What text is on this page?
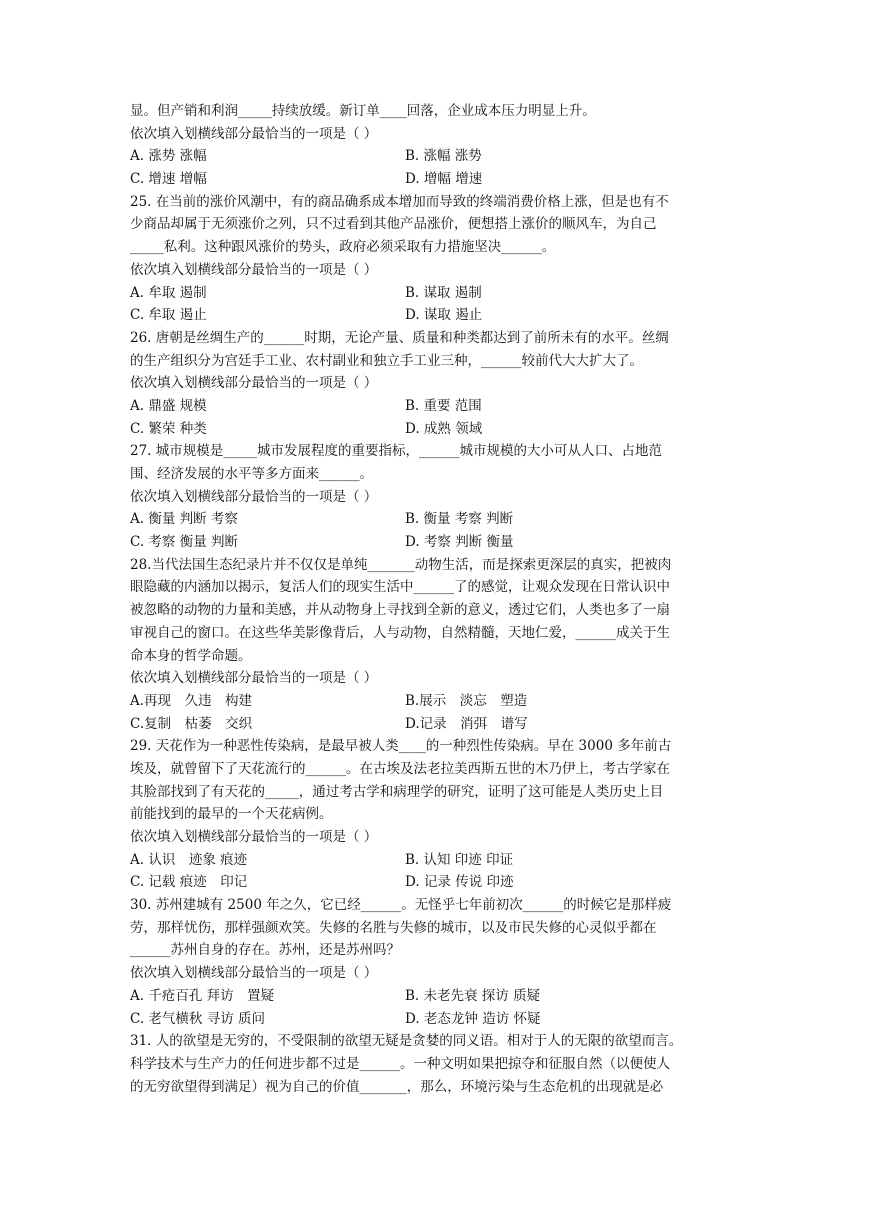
显。但产销和利润_____持续放缓。新订单____回落，企业成本压力明显上升。
依次填入划横线部分最恰当的一项是（ ）
A. 涨势 涨幅	B. 涨幅 涨势
C. 增速 增幅	D. 增幅 增速
25. 在当前的涨价风潮中，有的商品确系成本增加而导致的终端消费价格上涨，但是也有不
少商品却属于无须涨价之列，只不过看到其他产品涨价，便想搭上涨价的顺风车，为自己
_____私利。这种跟风涨价的势头，政府必须采取有力措施坚决______。
依次填入划横线部分最恰当的一项是（ ）
A. 牟取 遏制	B. 谋取 遏制
C. 牟取 遏止	D. 谋取 遏止
26. 唐朝是丝绸生产的______时期，无论产量、质量和种类都达到了前所未有的水平。丝绸
的生产组织分为宫廷手工业、农村副业和独立手工业三种，______较前代大大扩大了。
依次填入划横线部分最恰当的一项是（ ）
A. 鼎盛 规模	B. 重要 范围
C. 繁荣 种类	D. 成熟 领域
27. 城市规模是_____城市发展程度的重要指标，______城市规模的大小可从人口、占地范
围、经济发展的水平等多方面来______。
依次填入划横线部分最恰当的一项是（ ）
A. 衡量 判断 考察	B. 衡量 考察 判断
C. 考察 衡量 判断	D. 考察 判断 衡量
28.当代法国生态纪录片并不仅仅是单纯_______动物生活，而是探索更深层的真实，把被肉
眼隐藏的内涵加以揭示，复活人们的现实生活中______了的感觉，让观众发现在日常认识中
被忽略的动物的力量和美感，并从动物身上寻找到全新的意义，透过它们，人类也多了一扇
审视自己的窗口。在这些华美影像背后，人与动物，自然精髓，天地仁爱，______成关于生
命本身的哲学命题。
依次填入划横线部分最恰当的一项是（ ）
A.再现　久违　构建	B.展示　淡忘　塑造
C.复制　枯萎　交织	D.记录　消弭　谱写
29. 天花作为一种恶性传染病，是最早被人类____的一种烈性传染病。早在 3000 多年前古
埃及，就曾留下了天花流行的______。在古埃及法老拉美西斯五世的木乃伊上，考古学家在
其脸部找到了有天花的_____，通过考古学和病理学的研究，证明了这可能是人类历史上目
前能找到的最早的一个天花病例。
依次填入划横线部分最恰当的一项是（ ）
A. 认识　迹象 痕迹	B. 认知 印迹 印证
C. 记载 痕迹　印记	D. 记录 传说 印迹
30. 苏州建城有 2500 年之久，它已经______。无怪乎七年前初次______的时候它是那样疲
劳，那样忧伤，那样强颜欢笑。失修的名胜与失修的城市，以及市民失修的心灵似乎都在
______苏州自身的存在。苏州，还是苏州吗？
依次填入划横线部分最恰当的一项是（ ）
A. 千疮百孔 拜访　置疑	B. 未老先衰 探访 质疑
C. 老气横秋 寻访 质问	D. 老态龙钟 造访 怀疑
31. 人的欲望是无穷的，不受限制的欲望无疑是贪婪的同义语。相对于人的无限的欲望而言。
科学技术与生产力的任何进步都不过是______。一种文明如果把掠夺和征服自然（以便使人
的无穷欲望得到满足）视为自己的价值_______，那么，环境污染与生态危机的出现就是必
